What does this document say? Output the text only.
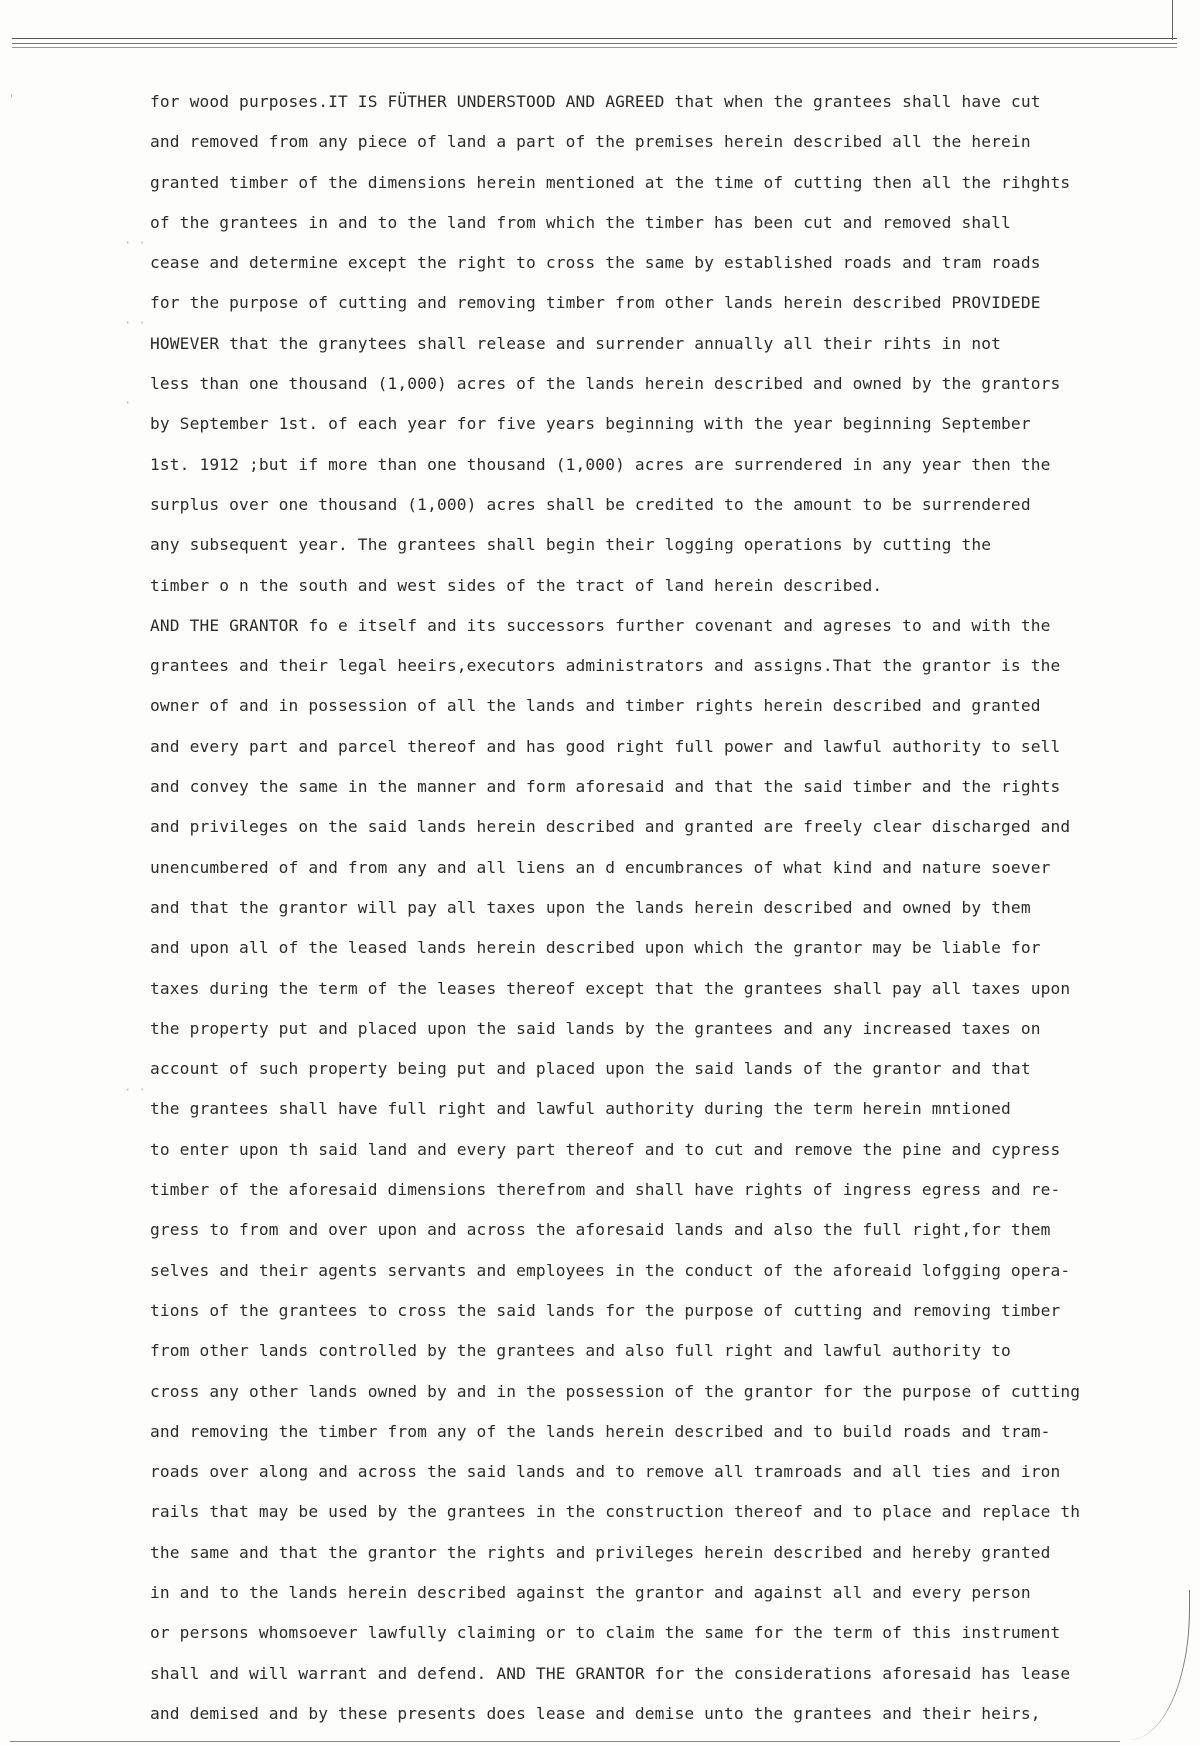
'
· ·
· ·
·
· ·
for wood purposes.IT IS FÜTHER UNDERSTOOD AND AGREED that when the grantees shall have cut
and removed from any piece of land a part of the premises herein described all the herein
granted timber of the dimensions herein mentioned at the time of cutting then all the rihghts
of the grantees in and to the land from which the timber has been cut and removed shall
cease and determine except the right to cross the same by established roads and tram roads
for the purpose of cutting and removing timber from other lands herein described PROVIDEDE
HOWEVER that the granytees shall release and surrender annually all their rihts in not
less than one thousand (1,000) acres of the lands herein described and owned by the grantors
by September 1st. of each year for five years beginning with the year beginning September
1st. 1912 ;but if more than one thousand (1,000) acres are surrendered in any year then the
surplus over one thousand (1,000) acres shall be credited to the amount to be surrendered
any subsequent year. The grantees shall begin their logging operations by cutting the
timber o n the south and west sides of the tract of land herein described.
AND THE GRANTOR fo e itself and its successors further covenant and agreses to and with the
grantees and their legal heeirs,executors administrators and assigns.That the grantor is the
owner of and in possession of all the lands and timber rights herein described and granted
and every part and parcel thereof and has good right full power and lawful authority to sell
and convey the same in the manner and form aforesaid and that the said timber and the rights
and privileges on the said lands herein described and granted are freely clear discharged and
unencumbered of and from any and all liens an d encumbrances of what kind and nature soever
and that the grantor will pay all taxes upon the lands herein described and owned by them
and upon all of the leased lands herein described upon which the grantor may be liable for
taxes during the term of the leases thereof except that the grantees shall pay all taxes upon
the property put and placed upon the said lands by the grantees and any increased taxes on
account of such property being put and placed upon the said lands of the grantor and that
the grantees shall have full right and lawful authority during the term herein mntioned
to enter upon th said land and every part thereof and to cut and remove the pine and cypress
timber of the aforesaid dimensions therefrom and shall have rights of ingress egress and re-
gress to from and over upon and across the aforesaid lands and also the full right,for them
selves and their agents servants and employees in the conduct of the aforeaid lofgging opera-
tions of the grantees to cross the said lands for the purpose of cutting and removing timber
from other lands controlled by the grantees and also full right and lawful authority to
cross any other lands owned by and in the possession of the grantor for the purpose of cutting
and removing the timber from any of the lands herein described and to build roads and tram-
roads over along and across the said lands and to remove all tramroads and all ties and iron
rails that may be used by the grantees in the construction thereof and to place and replace th
the same and that the grantor the rights and privileges herein described and hereby granted
in and to the lands herein described against the grantor and against all and every person
or persons whomsoever lawfully claiming or to claim the same for the term of this instrument
shall and will warrant and defend. AND THE GRANTOR for the considerations aforesaid has lease
and demised and by these presents does lease and demise unto the grantees and their heirs,
